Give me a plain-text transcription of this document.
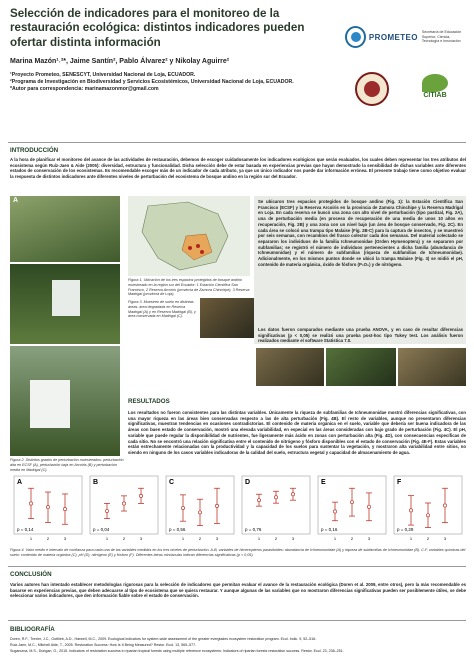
Selección de indicadores para el monitoreo de la restauración ecológica: distintos indicadores pueden ofertar distinta información
Marina Mazón¹˒²*, Jaime Santín², Pablo Álvarez² y Nikolay Aguirre²
¹Proyecto Prometeo, SENESCYT, Universidad Nacional de Loja, ECUADOR.
²Programa de Investigación en Biodiversidad y Servicios Ecosistémicos, Universidad Nacional de Loja, ECUADOR.
*Autor para correspondencia: marinamazonmor@gmail.com
PROMETEO
Secretaría de Educación Superior, Ciencia, Tecnología e Innovación
CITIAB
INTRODUCCIÓN
A la hora de planificar el monitoreo del avance de las actividades de restauración, debemos de escoger cuidadosamente los indicadores ecológicos que serán evaluados, los cuales deben representar los tres atributos del ecosistema según Ruiz-Jaen & Aide (2005): diversidad, estructura y funcionalidad. Dicha selección debe de estar basada en experiencias previas que hayan demostrado la sensibilidad de dichas variables ante diferentes estados de conservación de los ecosistemas. Es recomendable escoger más de un indicador de cada atributo, ya que un único indicador nos puede dar información errónea. El presente trabajo tiene como objetivo evaluar la respuesta de distintos indicadores ante diferentes niveles de perturbación del ecosistema de bosque andino en la región sur del Ecuador.
A
Figura 2. Distintos grados de perturbación muestreados: perturbación alta en ECSF (A), perturbación baja en Arcoiris (B) y perturbación media en Madrigal (C).
Figura 1. Ubicación de los tres espacios protegidos de bosque andino muestreado en la región sur del Ecuador: 1 Estación Científica San Francisco, 2 Reserva Arcoiris (provincia de Zamora Chinchipe), 3 Reserva Madrigal (provincia de Loja).
Se ubicaron tres espacios protegidos de bosque andino (Fig. 1): la Estación Científica San Francisco (ECSF) y la Reserva Arcoiris en la provincia de Zamora Chinchipe y la Reserva Madrigal en Loja. En cada reserva se buscó una zona con alto nivel de perturbación (tipo pastizal, Fig. 2A), una de perturbación media (en proceso de recuperación de una media de unos 10 años en recuperación, Fig. 2B) y una zona con un nivel bajo (un área de bosque conservado, Fig. 2C). En cada área se colocó una trampa tipo Malaise (Fig. 2B-C) para la captura de insectos, y se muestreó por seis semanas, con recambios del frasco colector cada dos semanas. Del material colectado se separaron los individuos de la familia Ichneumonidae (Orden Hymenoptera) y se separaron por subfamilias; se registró el número de individuos pertenecientes a dicha familia (abundancia de Ichneumonidae) y el número de subfamilias (riqueza de subfamilias de Ichneumonidae). Adicionalmente, en los mismos puntos donde se ubicó la trampa Malaise (Fig. 3) se midió el pH, contenido de materia orgánica, óxido de fósforo (P₂O₅) y de nitrógeno.
Los datos fueron comparados mediante una prueba ANOVA, y en caso de resultar diferencias significativas (p < 0,05) se realizó una prueba post-hoc tipo Tukey test. Los análisis fueron realizados mediante el software Statistica 7.0.
Figura 3. Muestreo de suelo en distintas áreas: área degradada en Reserva Madrigal (A) y en Reserva Madrigal (B), y área conservada en Madrigal (C).
RESULTADOS
Los resultados no fueron consistentes para las distintas variables. Únicamente la riqueza de subfamilias de Ichneumonidae mostró diferencias significativas, con una mayor riqueza en las áreas bien conservadas respecto a las de alta perturbación (Fig. 4B). El resto de variables, aunque no presentaron diferencias significativas, muestran tendencias en ocasiones contradictorias. El contenido de materia orgánica en el suelo, variable que debería ser buena indicadora de las áreas con buen estado de conservación, mostró una elevada variabilidad, en especial en las áreas consideradas con bajo grado de perturbación (Fig. 4C). El pH, variable que puede regular la disponibilidad de nutrientes, fue ligeramente más ácido en zonas con perturbación alta (Fig. 4D), con consecuencias específicas de cada sitio. No se encontró una relación significativa entre el contenido de nitrógeno y fósforo disponibles con el estado de conservación (Fig. 4E-F). Estas variables están estrechamente relacionadas con la productividad y la capacidad de los suelos para sustentar la vegetación, y mostraron alta variabilidad entre sitios, no siendo en ninguno de los casos variables indicadoras de la calidad del suelo, estructura vegetal y capacidad de almacenamiento de agua.
A
1	2	3
p = 0,14
B
1	2	3
p = 0,04
C
1	2	3
p = 0,56
D
1	2	3
p = 0,76
E
1	2	3
p = 0,16
F
1	2	3
p = 0,29
Figura 4. Valor medio e intervalo de confianza para cada una de las variables medidas en los tres niveles de perturbación. A-B, variables de himenópteros parasitoides: abundancia de Ichneumonidae (A) y riqueza de subfamilias de Ichneumonidae (B). C-F, variables químicas del suelo: contenido de materia orgánica (C), pH (D), nitrógeno (E) y fósforo (F). Diferentes letras minúsculas indican diferencias significativas (p < 0,05).
CONCLUSIÓN
Varios autores han intentado establecer metodologías rigurosas para la selección de indicadores que permitan evaluar el avance de la restauración ecológica (Doren et al. 2009, entre otros), pero la más recomendable es basarse en experiencias previas, que deben adecuarse al tipo de ecosistema que se quiera restaurar. Y aunque algunas de las variables que no mostraron diferencias significativas pueden ser posiblemente útiles, se debe seleccionar varios indicadores, que den información fiable sobre el estado de conservación.
BIBLIOGRAFÍA
Doren, R.F., Trexler, J.C., Gottlieb, A.D., Harwell, M.C., 2009. Ecological indicators for system-wide assessment of the greater everglades ecosystem restoration program. Ecol. Indic. 9, 52–516.
Ruiz-Jaen, M.C., Mitchell Aide, T., 2005. Restoration Success: How Is It Being Measured? Restor. Ecol. 13, 569–577.
Suganuma, M.S., Durigan, G., 2015. Indicators of restoration success in riparian tropical forests using multiple reference ecosystems: Indicators of riparian forests restoration success. Restor. Ecol. 23, 238–251.
